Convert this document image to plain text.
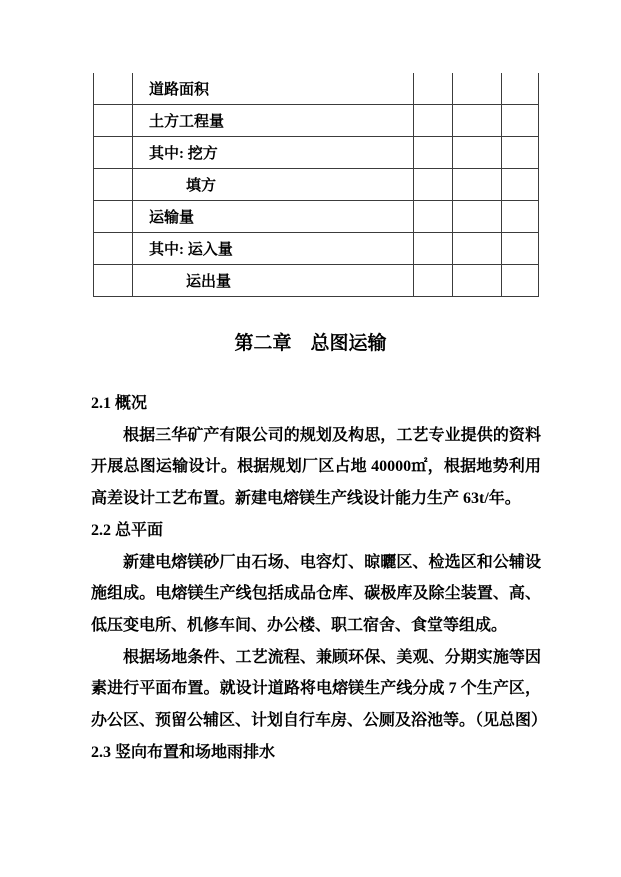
	道路面积			
	土方工程量			
	其中: 挖方			
	填方			
	运输量			
	其中: 运入量			
	运出量			
第二章　总图运输
2.1 概况

根据三华矿产有限公司的规划及构思，工艺专业提供的资料开展总图运输设计。根据规划厂区占地 40000㎡，根据地势利用高差设计工艺布置。新建电熔镁生产线设计能力生产 63t/年。

2.2 总平面

新建电熔镁砂厂由石场、电容灯、晾曬区、检选区和公辅设施组成。电熔镁生产线包括成品仓库、碳极库及除尘装置、高、低压变电所、机修车间、办公楼、职工宿舍、食堂等组成。

根据场地条件、工艺流程、兼顾环保、美观、分期实施等因素进行平面布置。就设计道路将电熔镁生产线分成 7 个生产区，办公区、预留公辅区、计划自行车房、公厕及浴池等。（见总图）

2.3 竖向布置和场地雨排水
